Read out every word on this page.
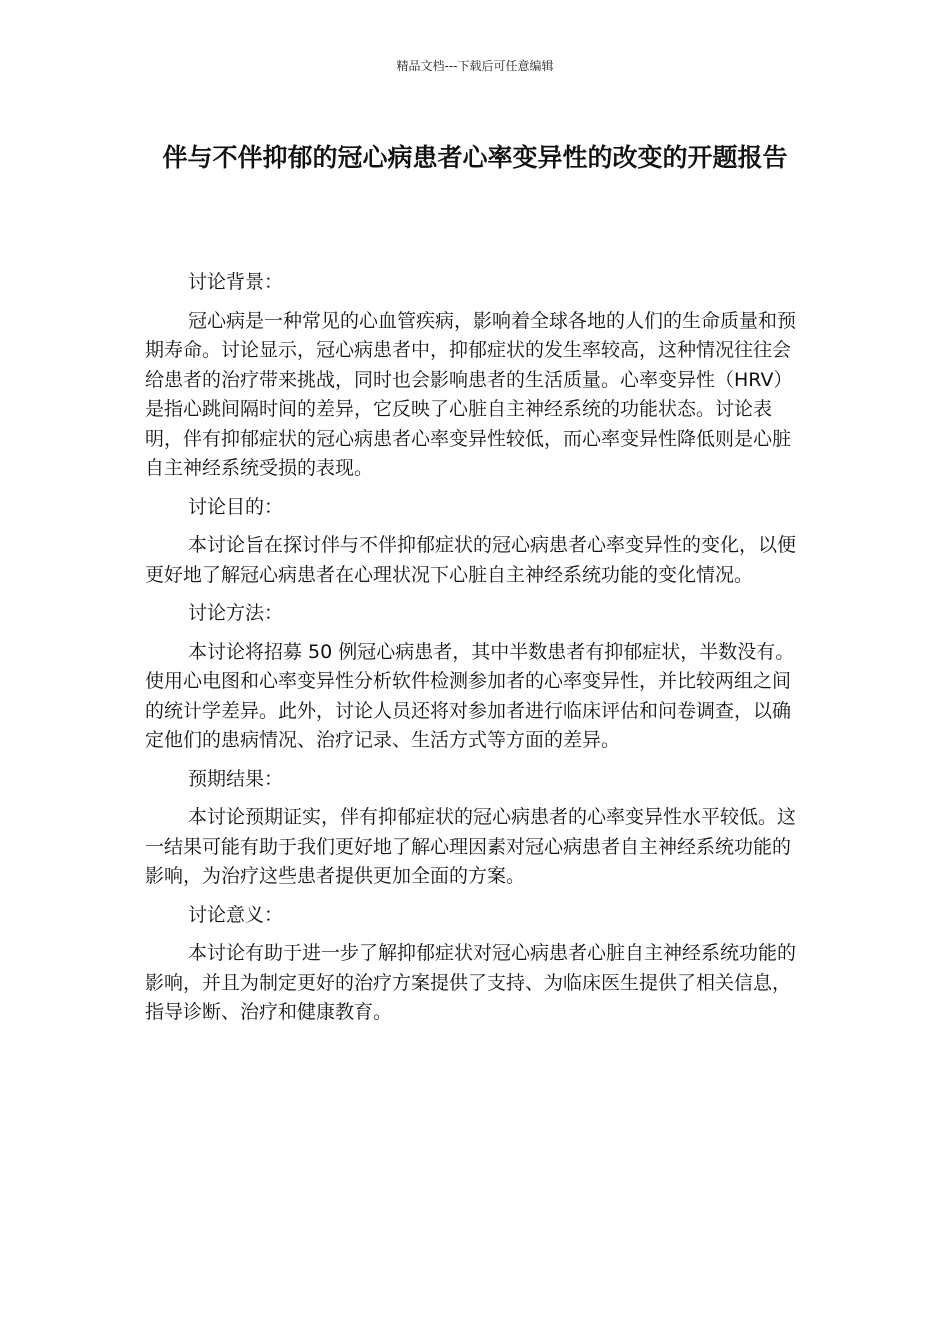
精品文档---下载后可任意编辑
伴与不伴抑郁的冠心病患者心率变异性的改变的开题报告

讨论背景：

冠心病是一种常见的心血管疾病，影响着全球各地的人们的生命质量和预期寿命。讨论显示，冠心病患者中，抑郁症状的发生率较高，这种情况往往会给患者的治疗带来挑战，同时也会影响患者的生活质量。心率变异性（HRV）是指心跳间隔时间的差异，它反映了心脏自主神经系统的功能状态。讨论表明，伴有抑郁症状的冠心病患者心率变异性较低，而心率变异性降低则是心脏自主神经系统受损的表现。

讨论目的：

本讨论旨在探讨伴与不伴抑郁症状的冠心病患者心率变异性的变化，以便更好地了解冠心病患者在心理状况下心脏自主神经系统功能的变化情况。

讨论方法：

本讨论将招募 50 例冠心病患者，其中半数患者有抑郁症状，半数没有。使用心电图和心率变异性分析软件检测参加者的心率变异性，并比较两组之间的统计学差异。此外，讨论人员还将对参加者进行临床评估和问卷调查，以确定他们的患病情况、治疗记录、生活方式等方面的差异。

预期结果：

本讨论预期证实，伴有抑郁症状的冠心病患者的心率变异性水平较低。这一结果可能有助于我们更好地了解心理因素对冠心病患者自主神经系统功能的影响，为治疗这些患者提供更加全面的方案。

讨论意义：

本讨论有助于进一步了解抑郁症状对冠心病患者心脏自主神经系统功能的影响，并且为制定更好的治疗方案提供了支持、为临床医生提供了相关信息，指导诊断、治疗和健康教育。
